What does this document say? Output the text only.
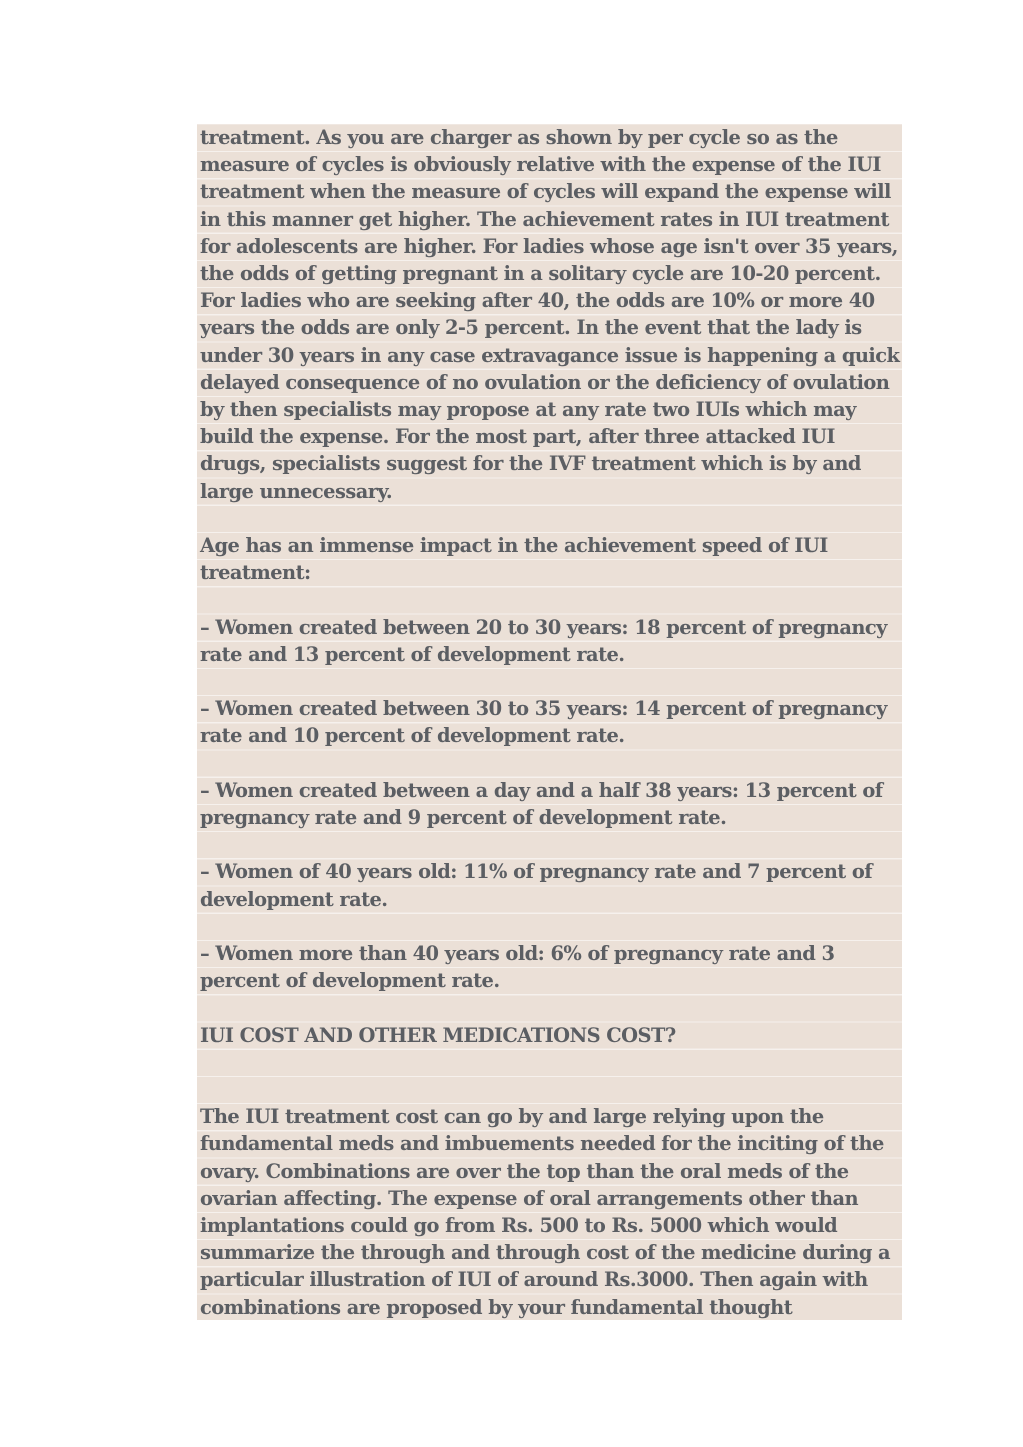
treatment. As you are charger as shown by per cycle so as the measure of cycles is obviously relative with the expense of the IUI treatment when the measure of cycles will expand the expense will in this manner get higher. The achievement rates in IUI treatment for adolescents are higher. For ladies whose age isn't over 35 years, the odds of getting pregnant in a solitary cycle are 10-20 percent. For ladies who are seeking after 40, the odds are 10% or more 40 years the odds are only 2-5 percent. In the event that the lady is under 30 years in any case extravagance issue is happening a quick delayed consequence of no ovulation or the deficiency of ovulation by then specialists may propose at any rate two IUIs which may build the expense. For the most part, after three attacked IUI drugs, specialists suggest for the IVF treatment which is by and large unnecessary.

Age has an immense impact in the achievement speed of IUI treatment:

– Women created between 20 to 30 years: 18 percent of pregnancy rate and 13 percent of development rate.

– Women created between 30 to 35 years: 14 percent of pregnancy rate and 10 percent of development rate.

– Women created between a day and a half 38 years: 13 percent of pregnancy rate and 9 percent of development rate.

– Women of 40 years old: 11% of pregnancy rate and 7 percent of development rate.

– Women more than 40 years old: 6% of pregnancy rate and 3 percent of development rate.

IUI COST AND OTHER MEDICATIONS COST?

The IUI treatment cost can go by and large relying upon the fundamental meds and imbuements needed for the inciting of the ovary. Combinations are over the top than the oral meds of the ovarian affecting. The expense of oral arrangements other than implantations could go from Rs. 500 to Rs. 5000 which would summarize the through and through cost of the medicine during a particular illustration of IUI of around Rs.3000. Then again with combinations are proposed by your fundamental thought
